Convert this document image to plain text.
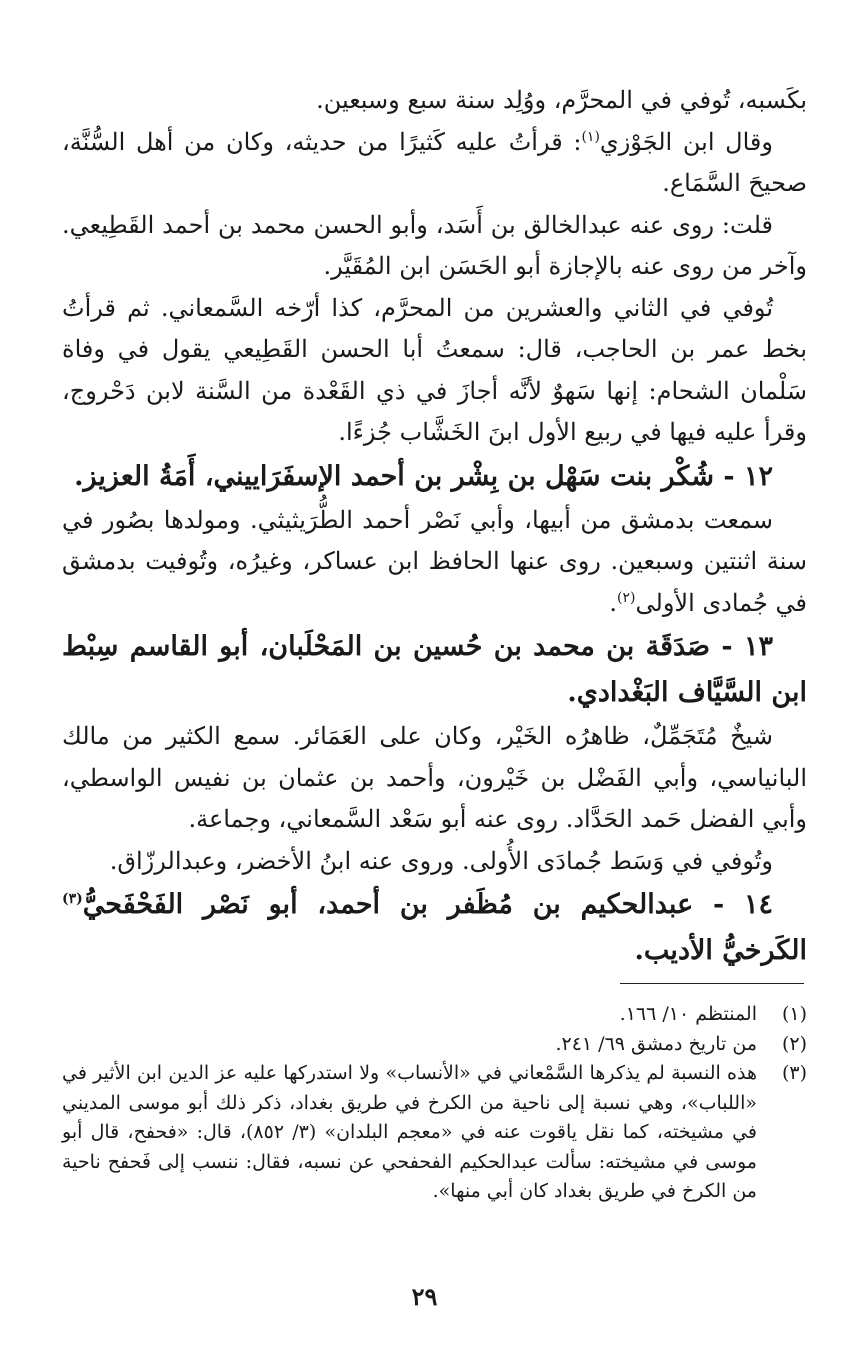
بكَسبه، تُوفي في المحرَّم، ووُلِد سنة سبع وسبعين.

وقال ابن الجَوْزي$^{(١)}$: قرأتُ عليه كَثيرًا من حديثه، وكان من أهل السُّنَّة، صحيحَ السَّمَاع.

قلت: روى عنه عبدالخالق بن أَسَد، وأبو الحسن محمد بن أحمد القَطِيعي. وآخر من روى عنه بالإجازة أبو الحَسَن ابن المُقَيَّر.

تُوفي في الثاني والعشرين من المحرَّم، كذا أرّخه السَّمعاني. ثم قرأتُ بخط عمر بن الحاجب، قال: سمعتُ أبا الحسن القَطِيعي يقول في وفاة سَلْمان الشحام: إنها سَهوٌ لأنَّه أجازَ في ذي القَعْدة من السَّنة لابن دَحْروج، وقرأ عليه فيها في ربيع الأول ابنَ الخَشَّاب جُزءًا.

١٢ - شُكْر بنت سَهْل بن بِشْر بن أحمد الإسفَرَاييني، أَمَةُ العزيز.

سمعت بدمشق من أبيها، وأبي نَصْر أحمد الطُّرَيثيثي. ومولدها بصُور في سنة اثنتين وسبعين. روى عنها الحافظ ابن عساكر، وغيرُه، وتُوفيت بدمشق في جُمادى الأولى$^{(٢)}$.

١٣ - صَدَقَة بن محمد بن حُسين بن المَحْلَبان، أبو القاسم سِبْط ابن السَّيَّاف البَغْدادي.

شيخٌ مُتَجَمِّلٌ، ظاهرُه الخَيْر، وكان على العَمَائر. سمع الكثير من مالك البانياسي، وأبي الفَضْل بن خَيْرون، وأحمد بن عثمان بن نفيس الواسطي، وأبي الفضل حَمد الحَدَّاد. روى عنه أبو سَعْد السَّمعاني، وجماعة.

وتُوفي في وَسَط جُمادَى الأُولى. وروى عنه ابنُ الأخضر، وعبدالرزّاق.

١٤ - عبدالحكيم بن مُظَفر بن أحمد، أبو نَصْر الفَحْفَحيُّ$^{(٣)}$ الكَرخيُّ الأديب.
(١)
المنتظم ١٠/ ١٦٦.
(٢)
من تاريخ دمشق ٦٩/ ٢٤١.
(٣)
هذه النسبة لم يذكرها السَّمْعاني في «الأنساب» ولا استدركها عليه عز الدين ابن الأثير في «اللباب»، وهي نسبة إلى ناحية من الكرخ في طريق بغداد، ذكر ذلك أبو موسى المديني في مشيخته، كما نقل ياقوت عنه في «معجم البلدان» (٣/ ٨٥٢)، قال: «فحفح، قال أبو موسى في مشيخته: سألت عبدالحكيم الفحفحي عن نسبه، فقال: ننسب إلى فَحفح ناحية من الكرخ في طريق بغداد كان أبي منها».
٢٩
